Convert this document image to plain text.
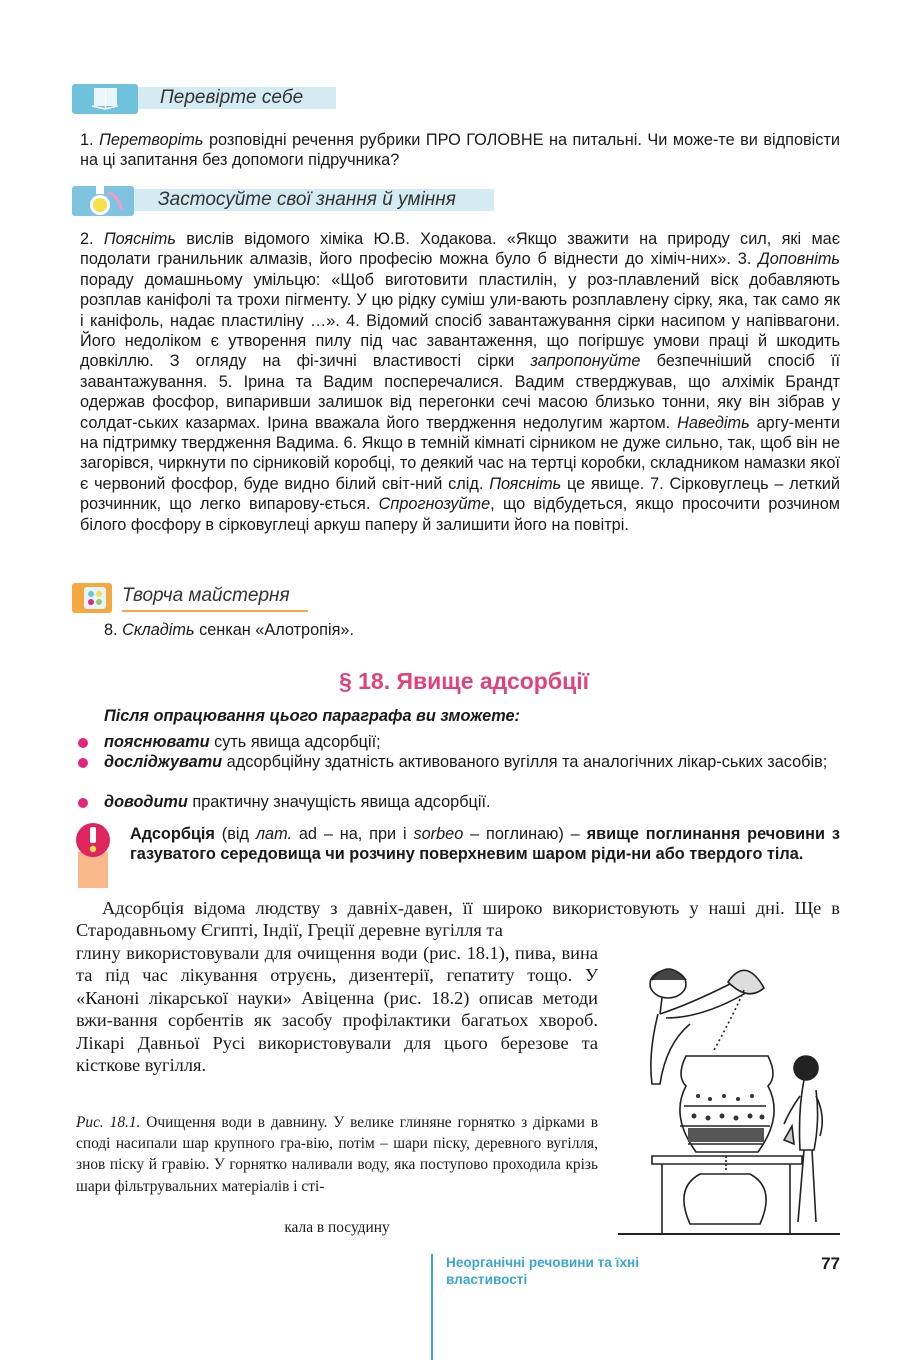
Перевірте себе

1. Перетворіть розповідні речення рубрики ПРО ГОЛОВНЕ на питальні. Чи може-те ви відповісти на ці запитання без допомоги підручника?

Застосуйте свої знання й уміння

2. Поясніть вислів відомого хіміка Ю.В. Ходакова. «Якщо зважити на природу сил, які має подолати гранильник алмазів, його професію можна було б віднести до хіміч-них». 3. Доповніть пораду домашньому умільцю: «Щоб виготовити пластилін, у роз-плавлений віск добавляють розплав каніфолі та трохи пігменту. У цю рідку суміш ули-вають розплавлену сірку, яка, так само як і каніфоль, надає пластиліну …». 4. Відомий спосіб завантажування сірки насипом у напіввагони. Його недоліком є утворення пилу під час завантаження, що погіршує умови праці й шкодить довкіллю. З огляду на фі-зичні властивості сірки запропонуйте безпечніший спосіб її завантажування. 5. Ірина та Вадим посперечалися. Вадим стверджував, що алхімік Брандт одержав фосфор, випаривши залишок від перегонки сечі масою близько тонни, яку він зібрав у солдат-ських казармах. Ірина вважала його твердження недолугим жартом. Наведіть аргу-менти на підтримку твердження Вадима. 6. Якщо в темній кімнаті сірником не дуже сильно, так, щоб він не загорівся, чиркнути по сірниковій коробці, то деякий час на тертці коробки, складником намазки якої є червоний фосфор, буде видно білий світ-ний слід. Поясніть це явище. 7. Сірковуглець – леткий розчинник, що легко випарову-ється. Спрогнозуйте, що відбудеться, якщо просочити розчином білого фосфору в сірковуглеці аркуш паперу й залишити його на повітрі.

Творча майстерня

8. Складіть сенкан «Алотропія».

§ 18. Явище адсорбції

Після опрацювання цього параграфа ви зможете:

пояснювати суть явища адсорбції;

досліджувати адсорбційну здатність активованого вугілля та аналогічних лікар-ських засобів;

доводити практичну значущість явища адсорбції.

Адсорбція (від лат. ad – на, при і sorbeo – поглинаю) – явище поглинання речовини з газуватого середовища чи розчину поверхневим шаром ріди-ни або твердого тіла.

Адсорбція відома людству з давніх-давен, її широко використовують у наші дні. Ще в Стародавньому Єгипті, Індії, Греції деревне вугілля та

глину використовували для очищення води (рис. 18.1), пива, вина та під час лікування отруєнь, дизентерії, гепатиту тощо. У «Каноні лікарської науки» Авіценна (рис. 18.2) описав методи вжи-вання сорбентів як засобу профілактики багатьох хвороб. Лікарі Давньої Русі використовували для цього березове та кісткове вугілля.

Рис. 18.1. Очищення води в давнину. У велике глиняне горнятко з дірками в споді насипали шар крупного гра-вію, потім – шари піску, деревного вугілля, знов піску й гравію. У горнятко наливали воду, яка поступово проходила крізь шари фільтрувальних матеріалів і сті-

кала в посудину

Неорганічні речовини та їхні властивості
77
